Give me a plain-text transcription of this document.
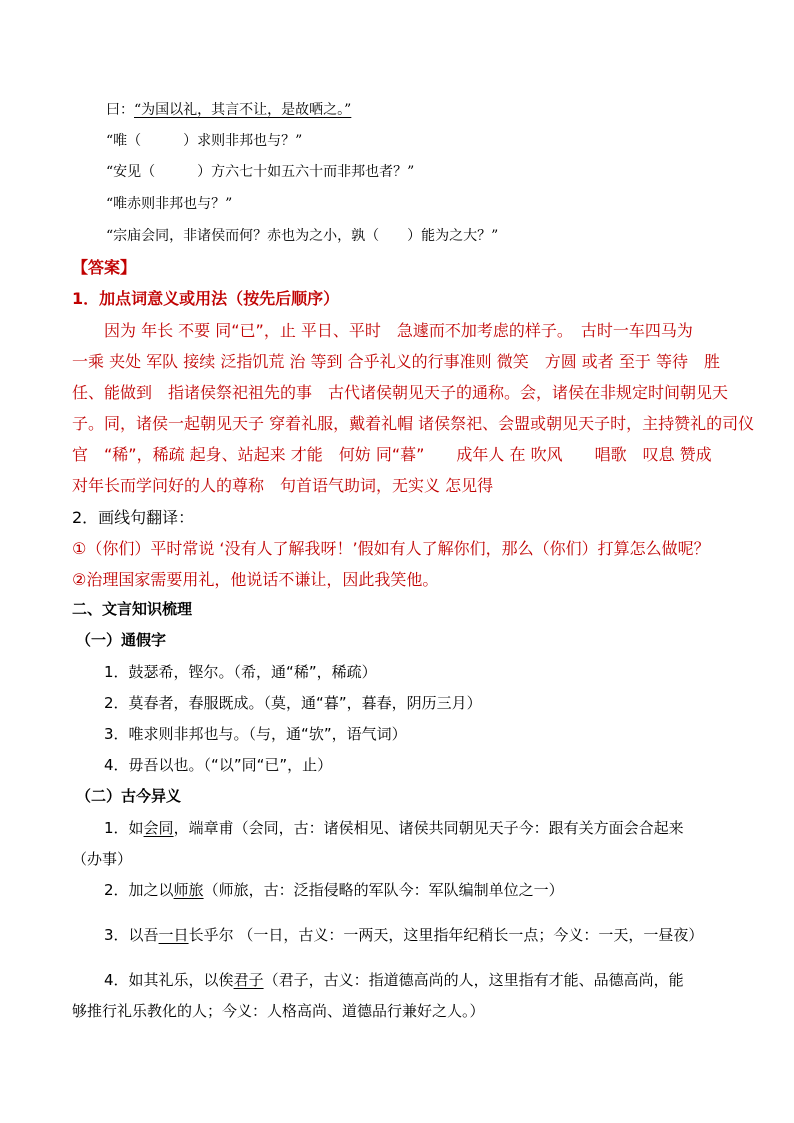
曰：“为国以礼，其言不让，是故哂之。”
“唯（　　　）求则非邦也与？”
“安见（　　　）方六七十如五六十而非邦也者？”
“唯赤则非邦也与？”
“宗庙会同，非诸侯而何？赤也为之小，孰（　　）能为之大？”
【答案】
1．加点词意义或用法（按先后顺序）
因为 年长 不要 同“已”，止 平日、平时　急遽而不加考虑的样子。　古时一车四马为
一乘 夹处 军队 接续 泛指饥荒 治 等到 合乎礼义的行事准则 微笑　方圆 或者 至于 等待　胜
任、能做到　指诸侯祭祀祖先的事　古代诸侯朝见天子的通称。会，诸侯在非规定时间朝见天
子。同，诸侯一起朝见天子 穿着礼服，戴着礼帽 诸侯祭祀、会盟或朝见天子时，主持赞礼的司仪
官　“稀”，稀疏 起身、站起来 才能　何妨 同“暮”　　成年人 在 吹风　　唱歌　叹息 赞成
对年长而学问好的人的尊称　句首语气助词，无实义 怎见得
2．画线句翻译：
①（你们）平时常说 ‘没有人了解我呀！’假如有人了解你们，那么（你们）打算怎么做呢？
②治理国家需要用礼，他说话不谦让，因此我笑他。
二、文言知识梳理
（一）通假字
1．鼓瑟希，铿尔。（希，通“稀”，稀疏）
2．莫春者，春服既成。（莫，通“暮”，暮春，阴历三月）
3．唯求则非邦也与。（与，通“欤”，语气词）
4．毋吾以也。（“以”同“已”，止）
（二）古今异义
1．如会同，端章甫（会同，古：诸侯相见、诸侯共同朝见天子今：跟有关方面会合起来
（办事）
2．加之以师旅（师旅，古：泛指侵略的军队今：军队编制单位之一）
3．以吾一日长乎尔 （一日，古义：一两天，这里指年纪稍长一点；今义：一天，一昼夜）
4．如其礼乐，以俟君子（君子，古义：指道德高尚的人，这里指有才能、品德高尚，能
够推行礼乐教化的人；今义：人格高尚、道德品行兼好之人。）
